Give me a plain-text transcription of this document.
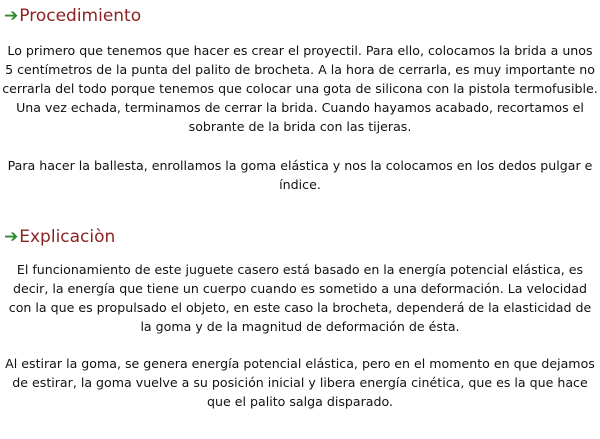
➔ Procedimiento

Lo primero que tenemos que hacer es crear el proyectil. Para ello, colocamos la brida a unos 5 centímetros de la punta del palito de brocheta. A la hora de cerrarla, es muy importante no cerrarla del todo porque tenemos que colocar una gota de silicona con la pistola termofusible. Una vez echada, terminamos de cerrar la brida. Cuando hayamos acabado, recortamos el sobrante de la brida con las tijeras.

Para hacer la ballesta, enrollamos la goma elástica y nos la colocamos en los dedos pulgar e índice.

➔ Explicaciòn

El funcionamiento de este juguete casero está basado en la energía potencial elástica, es decir, la energía que tiene un cuerpo cuando es sometido a una deformación. La velocidad con la que es propulsado el objeto, en este caso la brocheta, dependerá de la elasticidad de la goma y de la magnitud de deformación de ésta.

Al estirar la goma, se genera energía potencial elástica, pero en el momento en que dejamos de estirar, la goma vuelve a su posición inicial y libera energía cinética, que es la que hace que el palito salga disparado.
